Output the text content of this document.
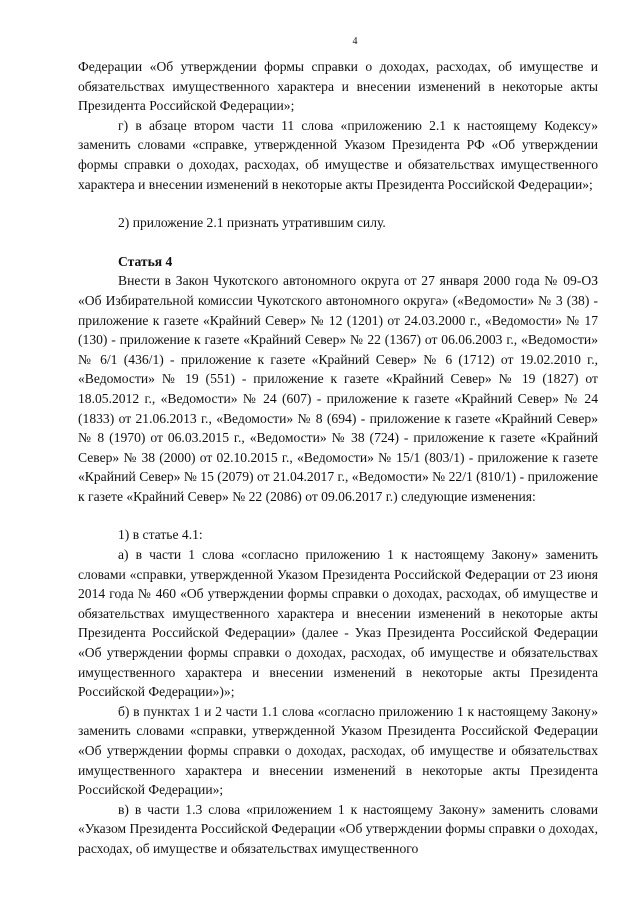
4

Федерации «Об утверждении формы справки о доходах, расходах, об имуществе и обязательствах имущественного характера и внесении изменений в некоторые акты Президента Российской Федерации»;

г) в абзаце втором части 11 слова «приложению 2.1 к настоящему Кодексу» заменить словами «справке, утвержденной Указом Президента РФ «Об утверждении формы справки о доходах, расходах, об имуществе и обязательствах имущественного характера и внесении изменений в некоторые акты Президента Российской Федерации»;

2) приложение 2.1 признать утратившим силу.

Статья 4

Внести в Закон Чукотского автономного округа от 27 января 2000 года № 09-ОЗ «Об Избирательной комиссии Чукотского автономного округа» («Ведомости» № 3 (38) - приложение к газете «Крайний Север» № 12 (1201) от 24.03.2000 г., «Ведомости» № 17 (130) - приложение к газете «Крайний Север» № 22 (1367) от 06.06.2003 г., «Ведомости» № 6/1 (436/1) - приложение к газете «Крайний Север» № 6 (1712) от 19.02.2010 г., «Ведомости» № 19 (551) - приложение к газете «Крайний Север» № 19 (1827) от 18.05.2012 г., «Ведомости» № 24 (607) - приложение к газете «Крайний Север» № 24 (1833) от 21.06.2013 г., «Ведомости» № 8 (694) - приложение к газете «Крайний Север» № 8 (1970) от 06.03.2015 г., «Ведомости» № 38 (724) - приложение к газете «Крайний Север» № 38 (2000) от 02.10.2015 г., «Ведомости» № 15/1 (803/1) - приложение к газете «Крайний Север» № 15 (2079) от 21.04.2017 г., «Ведомости» № 22/1 (810/1) - приложение к газете «Крайний Север» № 22 (2086) от 09.06.2017 г.) следующие изменения:

1) в статье 4.1:

а) в части 1 слова «согласно приложению 1 к настоящему Закону» заменить словами «справки, утвержденной Указом Президента Российской Федерации от 23 июня 2014 года № 460 «Об утверждении формы справки о доходах, расходах, об имуществе и обязательствах имущественного характера и внесении изменений в некоторые акты Президента Российской Федерации» (далее - Указ Президента Российской Федерации «Об утверждении формы справки о доходах, расходах, об имуществе и обязательствах имущественного характера и внесении изменений в некоторые акты Президента Российской Федерации»)»;

б) в пунктах 1 и 2 части 1.1 слова «согласно приложению 1 к настоящему Закону» заменить словами «справки, утвержденной Указом Президента Российской Федерации «Об утверждении формы справки о доходах, расходах, об имуществе и обязательствах имущественного характера и внесении изменений в некоторые акты Президента Российской Федерации»;

в) в части 1.3 слова «приложением 1 к настоящему Закону» заменить словами «Указом Президента Российской Федерации «Об утверждении формы справки о доходах, расходах, об имуществе и обязательствах имущественного
